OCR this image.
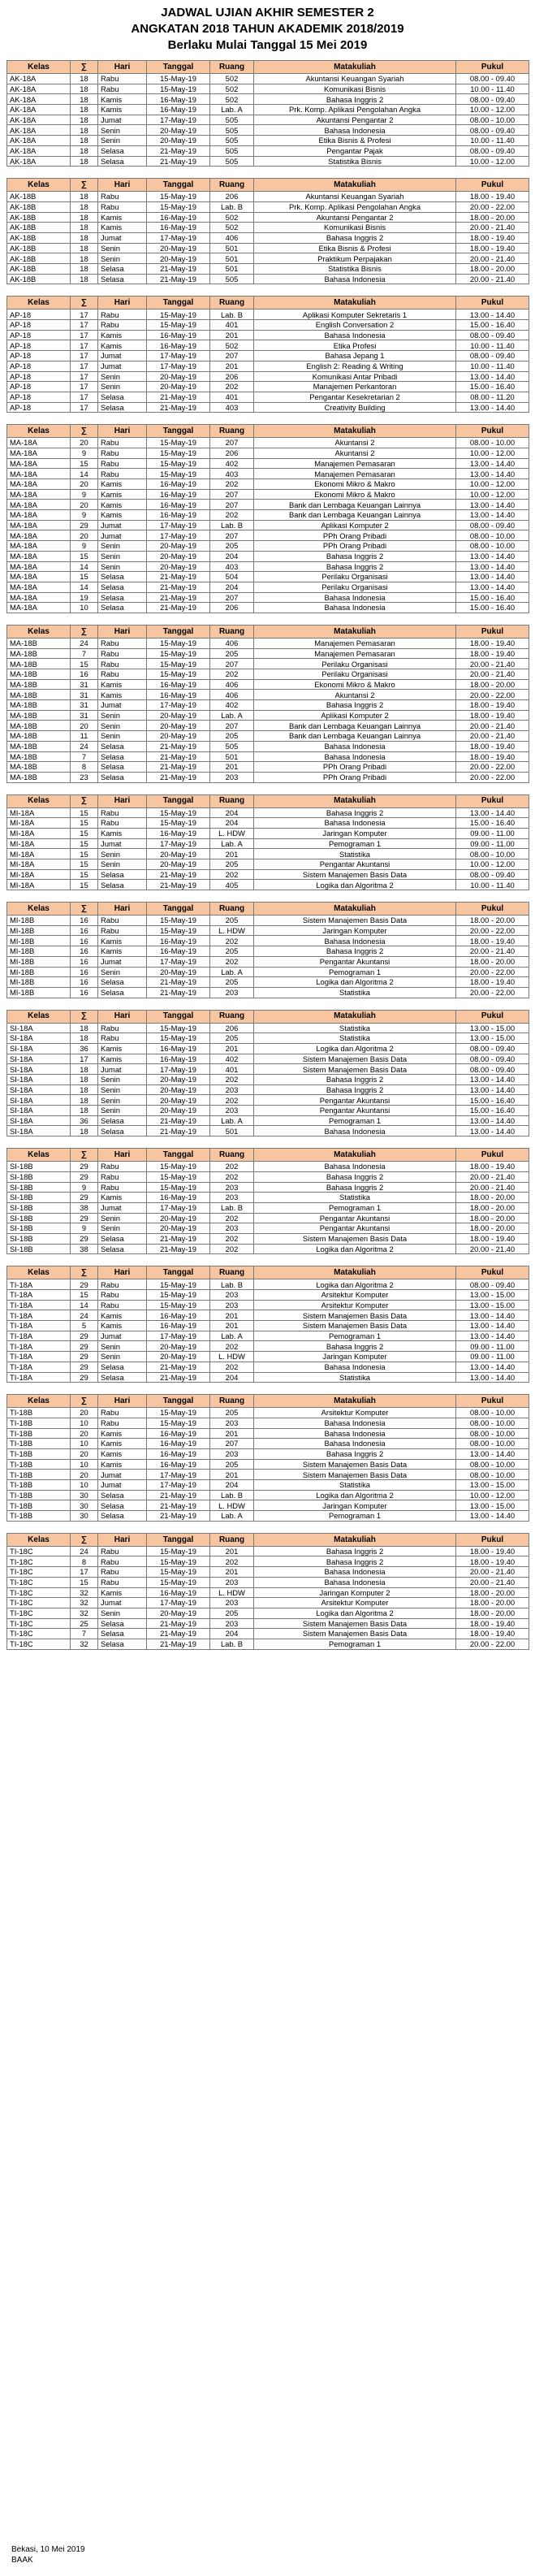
JADWAL UJIAN AKHIR SEMESTER 2
ANGKATAN 2018 TAHUN AKADEMIK 2018/2019
Berlaku Mulai Tanggal 15 Mei 2019
Kelas	∑	Hari	Tanggal	Ruang	Matakuliah	Pukul
AK-18A	18	Rabu	15-May-19	502	Akuntansi Keuangan Syariah	08.00 - 09.40
AK-18A	18	Rabu	15-May-19	502	Komunikasi Bisnis	10.00 - 11.40
AK-18A	18	Kamis	16-May-19	502	Bahasa Inggris 2	08.00 - 09.40
AK-18A	18	Kamis	16-May-19	Lab. A	Prk. Komp. Aplikasi Pengolahan Angka	10.00 - 12.00
AK-18A	18	Jumat	17-May-19	505	Akuntansi Pengantar 2	08.00 - 10.00
AK-18A	18	Senin	20-May-19	505	Bahasa Indonesia	08.00 - 09.40
AK-18A	18	Senin	20-May-19	505	Etika Bisnis & Profesi	10.00 - 11.40
AK-18A	18	Selasa	21-May-19	505	Pengantar Pajak	08.00 - 09.40
AK-18A	18	Selasa	21-May-19	505	Statistika Bisnis	10.00 - 12.00
Kelas	∑	Hari	Tanggal	Ruang	Matakuliah	Pukul
AK-18B	18	Rabu	15-May-19	206	Akuntansi Keuangan Syariah	18.00 - 19.40
AK-18B	18	Rabu	15-May-19	Lab. B	Prk. Komp. Aplikasi Pengolahan Angka	20.00 - 22.00
AK-18B	18	Kamis	16-May-19	502	Akuntansi Pengantar 2	18.00 - 20.00
AK-18B	18	Kamis	16-May-19	502	Komunikasi Bisnis	20.00 - 21.40
AK-18B	18	Jumat	17-May-19	406	Bahasa Inggris 2	18.00 - 19.40
AK-18B	18	Senin	20-May-19	501	Etika Bisnis & Profesi	18.00 - 19.40
AK-18B	18	Senin	20-May-19	501	Praktikum Perpajakan	20.00 - 21.40
AK-18B	18	Selasa	21-May-19	501	Statistika Bisnis	18.00 - 20.00
AK-18B	18	Selasa	21-May-19	505	Bahasa Indonesia	20.00 - 21.40
Kelas	∑	Hari	Tanggal	Ruang	Matakuliah	Pukul
AP-18	17	Rabu	15-May-19	Lab. B	Aplikasi Komputer Sekretaris 1	13.00 - 14.40
AP-18	17	Rabu	15-May-19	401	English Conversation 2	15.00 - 16.40
AP-18	17	Kamis	16-May-19	201	Bahasa Indonesia	08.00 - 09.40
AP-18	17	Kamis	16-May-19	502	Etika Profesi	10.00 - 11.40
AP-18	17	Jumat	17-May-19	207	Bahasa Jepang 1	08.00 - 09.40
AP-18	17	Jumat	17-May-19	201	English 2: Reading & Writing	10.00 - 11.40
AP-18	17	Senin	20-May-19	206	Komunikasi Antar Pribadi	13.00 - 14.40
AP-18	17	Senin	20-May-19	202	Manajemen Perkantoran	15.00 - 16.40
AP-18	17	Selasa	21-May-19	401	Pengantar Kesekretarian 2	08.00 - 11.20
AP-18	17	Selasa	21-May-19	403	Creativity Building	13.00 - 14.40
Kelas	∑	Hari	Tanggal	Ruang	Matakuliah	Pukul
MA-18A	20	Rabu	15-May-19	207	Akuntansi 2	08.00 - 10.00
MA-18A	9	Rabu	15-May-19	206	Akuntansi 2	10.00 - 12.00
MA-18A	15	Rabu	15-May-19	402	Manajemen Pemasaran	13.00 - 14.40
MA-18A	14	Rabu	15-May-19	403	Manajemen Pemasaran	13.00 - 14.40
MA-18A	20	Kamis	16-May-19	202	Ekonomi Mikro & Makro	10.00 - 12.00
MA-18A	9	Kamis	16-May-19	207	Ekonomi Mikro & Makro	10.00 - 12.00
MA-18A	20	Kamis	16-May-19	207	Bank dan Lembaga Keuangan Lainnya	13.00 - 14.40
MA-18A	9	Kamis	16-May-19	202	Bank dan Lembaga Keuangan Lainnya	13.00 - 14.40
MA-18A	29	Jumat	17-May-19	Lab. B	Aplikasi Komputer 2	08.00 - 09.40
MA-18A	20	Jumat	17-May-19	207	PPh Orang Pribadi	08.00 - 10.00
MA-18A	9	Senin	20-May-19	205	PPh Orang Pribadi	08.00 - 10.00
MA-18A	15	Senin	20-May-19	204	Bahasa Inggris 2	13.00 - 14.40
MA-18A	14	Senin	20-May-19	403	Bahasa Inggris 2	13.00 - 14.40
MA-18A	15	Selasa	21-May-19	504	Perilaku Organisasi	13.00 - 14.40
MA-18A	14	Selasa	21-May-19	204	Perilaku Organisasi	13.00 - 14.40
MA-18A	19	Selasa	21-May-19	207	Bahasa Indonesia	15.00 - 16.40
MA-18A	10	Selasa	21-May-19	206	Bahasa Indonesia	15.00 - 16.40
Kelas	∑	Hari	Tanggal	Ruang	Matakuliah	Pukul
MA-18B	24	Rabu	15-May-19	406	Manajemen Pemasaran	18.00 - 19.40
MA-18B	7	Rabu	15-May-19	205	Manajemen Pemasaran	18.00 - 19.40
MA-18B	15	Rabu	15-May-19	207	Perilaku Organisasi	20.00 - 21.40
MA-18B	16	Rabu	15-May-19	202	Perilaku Organisasi	20.00 - 21.40
MA-18B	31	Kamis	16-May-19	406	Ekonomi Mikro & Makro	18.00 - 20.00
MA-18B	31	Kamis	16-May-19	406	Akuntansi 2	20.00 - 22.00
MA-18B	31	Jumat	17-May-19	402	Bahasa Inggris 2	18.00 - 19.40
MA-18B	31	Senin	20-May-19	Lab. A	Aplikasi Komputer 2	18.00 - 19.40
MA-18B	20	Senin	20-May-19	207	Bank dan Lembaga Keuangan Lainnya	20.00 - 21.40
MA-18B	11	Senin	20-May-19	205	Bank dan Lembaga Keuangan Lainnya	20.00 - 21.40
MA-18B	24	Selasa	21-May-19	505	Bahasa Indonesia	18.00 - 19.40
MA-18B	7	Selasa	21-May-19	501	Bahasa Indonesia	18.00 - 19.40
MA-18B	8	Selasa	21-May-19	201	PPh Orang Pribadi	20.00 - 22.00
MA-18B	23	Selasa	21-May-19	203	PPh Orang Pribadi	20.00 - 22.00
Kelas	∑	Hari	Tanggal	Ruang	Matakuliah	Pukul
MI-18A	15	Rabu	15-May-19	204	Bahasa Inggris 2	13.00 - 14.40
MI-18A	15	Rabu	15-May-19	204	Bahasa Indonesia	15.00 - 16.40
MI-18A	15	Kamis	16-May-19	L. HDW	Jaringan Komputer	09.00 - 11.00
MI-18A	15	Jumat	17-May-19	Lab. A	Pemograman 1	09.00 - 11.00
MI-18A	15	Senin	20-May-19	201	Statistika	08.00 - 10.00
MI-18A	15	Senin	20-May-19	205	Pengantar Akuntansi	10.00 - 12.00
MI-18A	15	Selasa	21-May-19	202	Sistem Manajemen Basis Data	08.00 - 09.40
MI-18A	15	Selasa	21-May-19	405	Logika dan Algoritma 2	10.00 - 11.40
Kelas	∑	Hari	Tanggal	Ruang	Matakuliah	Pukul
MI-18B	16	Rabu	15-May-19	205	Sistem Manajemen Basis Data	18.00 - 20.00
MI-18B	16	Rabu	15-May-19	L. HDW	Jaringan Komputer	20.00 - 22.00
MI-18B	16	Kamis	16-May-19	202	Bahasa Indonesia	18.00 - 19.40
MI-18B	16	Kamis	16-May-19	205	Bahasa Inggris 2	20.00 - 21.40
MI-18B	16	Jumat	17-May-19	202	Pengantar Akuntansi	18.00 - 20.00
MI-18B	16	Senin	20-May-19	Lab. A	Pemograman 1	20.00 - 22.00
MI-18B	16	Selasa	21-May-19	205	Logika dan Algoritma 2	18.00 - 19.40
MI-18B	16	Selasa	21-May-19	203	Statistika	20.00 - 22.00
Kelas	∑	Hari	Tanggal	Ruang	Matakuliah	Pukul
SI-18A	18	Rabu	15-May-19	206	Statistika	13.00 - 15.00
SI-18A	18	Rabu	15-May-19	205	Statistika	13.00 - 15.00
SI-18A	36	Kamis	16-May-19	201	Logika dan Algoritma 2	08.00 - 09.40
SI-18A	17	Kamis	16-May-19	402	Sistem Manajemen Basis Data	08.00 - 09.40
SI-18A	18	Jumat	17-May-19	401	Sistem Manajemen Basis Data	08.00 - 09.40
SI-18A	18	Senin	20-May-19	202	Bahasa Inggris 2	13.00 - 14.40
SI-18A	18	Senin	20-May-19	203	Bahasa Inggris 2	13.00 - 14.40
SI-18A	18	Senin	20-May-19	202	Pengantar Akuntansi	15.00 - 16.40
SI-18A	18	Senin	20-May-19	203	Pengantar Akuntansi	15.00 - 16.40
SI-18A	36	Selasa	21-May-19	Lab. A	Pemograman 1	13.00 - 14.40
SI-18A	18	Selasa	21-May-19	501	Bahasa Indonesia	13.00 - 14.40
Kelas	∑	Hari	Tanggal	Ruang	Matakuliah	Pukul
SI-18B	29	Rabu	15-May-19	202	Bahasa Indonesia	18.00 - 19.40
SI-18B	29	Rabu	15-May-19	202	Bahasa Inggris 2	20.00 - 21.40
SI-18B	9	Rabu	15-May-19	203	Bahasa Inggris 2	20.00 - 21.40
SI-18B	29	Kamis	16-May-19	203	Statistika	18.00 - 20.00
SI-18B	38	Jumat	17-May-19	Lab. B	Pemograman 1	18.00 - 20.00
SI-18B	29	Senin	20-May-19	202	Pengantar Akuntansi	18.00 - 20.00
SI-18B	9	Senin	20-May-19	203	Pengantar Akuntansi	18.00 - 20.00
SI-18B	29	Selasa	21-May-19	202	Sistem Manajemen Basis Data	18.00 - 19.40
SI-18B	38	Selasa	21-May-19	202	Logika dan Algoritma 2	20.00 - 21.40
Kelas	∑	Hari	Tanggal	Ruang	Matakuliah	Pukul
TI-18A	29	Rabu	15-May-19	Lab. B	Logika dan Algoritma 2	08.00 - 09.40
TI-18A	15	Rabu	15-May-19	203	Arsitektur Komputer	13.00 - 15.00
TI-18A	14	Rabu	15-May-19	203	Arsitektur Komputer	13.00 - 15.00
TI-18A	24	Kamis	16-May-19	201	Sistem Manajemen Basis Data	13.00 - 14.40
TI-18A	5	Kamis	16-May-19	201	Sistem Manajemen Basis Data	13.00 - 14.40
TI-18A	29	Jumat	17-May-19	Lab. A	Pemograman 1	13.00 - 14.40
TI-18A	29	Senin	20-May-19	202	Bahasa Inggris 2	09.00 - 11.00
TI-18A	29	Senin	20-May-19	L. HDW	Jaringan Komputer	09.00 - 11.00
TI-18A	29	Selasa	21-May-19	202	Bahasa Indonesia	13.00 - 14.40
TI-18A	29	Selasa	21-May-19	204	Statistika	13.00 - 14.40
Kelas	∑	Hari	Tanggal	Ruang	Matakuliah	Pukul
TI-18B	20	Rabu	15-May-19	205	Arsitektur Komputer	08.00 - 10.00
TI-18B	10	Rabu	15-May-19	203	Bahasa Indonesia	08.00 - 10.00
TI-18B	20	Kamis	16-May-19	201	Bahasa Indonesia	08.00 - 10.00
TI-18B	10	Kamis	16-May-19	207	Bahasa Indonesia	08.00 - 10.00
TI-18B	20	Kamis	16-May-19	203	Bahasa Inggris 2	13.00 - 14.40
TI-18B	10	Kamis	16-May-19	205	Sistem Manajemen Basis Data	08.00 - 10.00
TI-18B	20	Jumat	17-May-19	201	Sistem Manajemen Basis Data	08.00 - 10.00
TI-18B	10	Jumat	17-May-19	204	Statistika	13.00 - 15.00
TI-18B	30	Selasa	21-May-19	Lab. B	Logika dan Algoritma 2	10.00 - 12.00
TI-18B	30	Selasa	21-May-19	L. HDW	Jaringan Komputer	13.00 - 15.00
TI-18B	30	Selasa	21-May-19	Lab. A	Pemograman 1	13.00 - 14.40
Kelas	∑	Hari	Tanggal	Ruang	Matakuliah	Pukul
TI-18C	24	Rabu	15-May-19	201	Bahasa Inggris 2	18.00 - 19.40
TI-18C	8	Rabu	15-May-19	202	Bahasa Inggris 2	18.00 - 19.40
TI-18C	17	Rabu	15-May-19	201	Bahasa Indonesia	20.00 - 21.40
TI-18C	15	Rabu	15-May-19	203	Bahasa Indonesia	20.00 - 21.40
TI-18C	32	Kamis	16-May-19	L. HDW	Jaringan Komputer 2	18.00 - 20.00
TI-18C	32	Jumat	17-May-19	203	Arsitektur Komputer	18.00 - 20.00
TI-18C	32	Senin	20-May-19	205	Logika dan Algoritma 2	18.00 - 20.00
TI-18C	25	Selasa	21-May-19	203	Sistem Manajemen Basis Data	18.00 - 19.40
TI-18C	7	Selasa	21-May-19	204	Sistem Manajemen Basis Data	18.00 - 19.40
TI-18C	32	Selasa	21-May-19	Lab. B	Pemograman 1	20.00 - 22.00
Bekasi, 10 Mei 2019
BAAK
